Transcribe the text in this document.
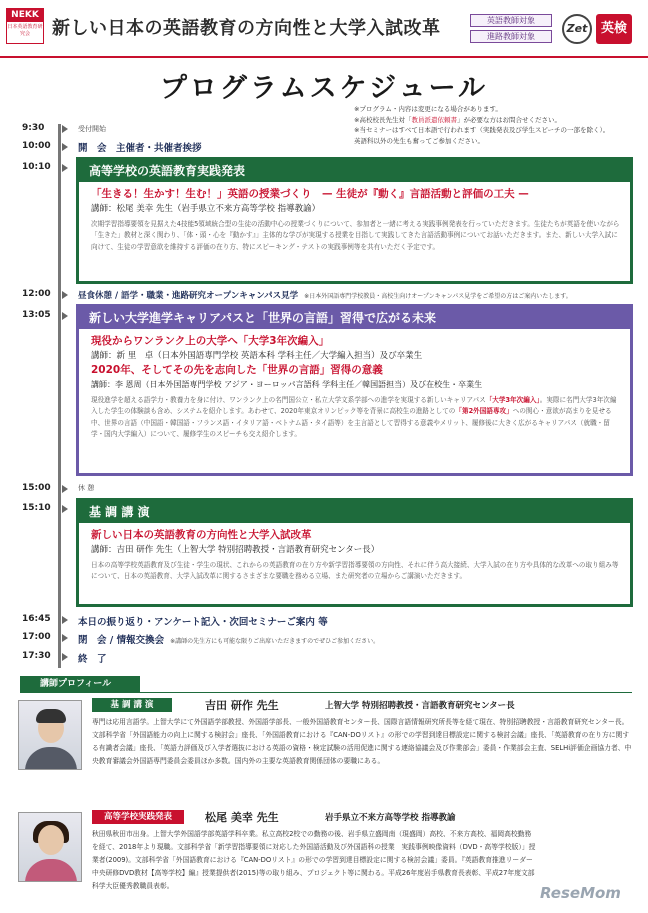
NEKK
日本英語教育研究会	新しい日本の英語教育の方向性と大学入試改革	英語教師対象
進路教師対象
Zet	英検
プログラムスケジュール
※プログラム・内容は変更になる場合があります。
※高校校長先生対「教員派遣依頼書」が必要な方はお問合せください。
※当セミナーはすべて日本語で行われます（実践発表及び学生スピーチの一部を除く）。
英語科以外の先生も奮ってご参加ください。
9:30	受付開始
10:00	開　会　主催者・共催者挨拶
10:10	高等学校の英語教育実践発表
「生きる！生かす！生む！」英語の授業づくり　— 生徒が『動く』言語活動と評価の工夫 —
講師：松尾 美幸 先生（岩手県立不来方高等学校 指導教諭）
次期学習指導要領を見据えた4技能5領域統合型の生徒の活動中心の授業づくりについて、参加者と一緒に考える実践事例発表を行っていただきます。生徒たちが英語を使いながら「生きた」教材と深く関わり、「体・頭・心を『動かす』」主体的な学びが実現する授業を目指して実践してきた言語活動事例についてお話いただきます。また、新しい大学入試に向けて、生徒の学習意欲を維持する評価の在り方、特にスピーキング・テストの実践事例等を共有いただく予定です。
12:00	昼食休憩 / 語学・職業・進路研究オープンキャンパス見学 ※日本外国語専門学校教員・高校生向けオープンキャンパス見学をご希望の方はご案内いたします。
13:05	新しい大学進学キャリアパスと「世界の言語」習得で広がる未来
現役からワンランク上の大学へ「大学3年次編入」
講師：新 里　卓（日本外国語専門学校 英語本科 学科主任／大学編入担当）及び卒業生
2020年、そしてその先を志向した「世界の言語」習得の意義
講師：李 恩周（日本外国語専門学校 アジア・ヨーロッパ言語科 学科主任／韓国語担当）及び在校生・卒業生
現役進学を超える語学力・教養力を身に付け、ワンランク上の名門国公立・私立大学文系学部への進学を実現する新しいキャリアパス「大学3年次編入」。実際に名門大学3年次編入した学生の体験談も含め、システムを紹介します。あわせて、2020年東京オリンピック等を背景に高校生の進路としての「第2外国語専攻」への関心・意欲が高まりを見せる中、世界の言語（中国語・韓国語・フランス語・イタリア語・ベトナム語・タイ語等）を主言語として習得する意義やメリット、履修後に大きく広がるキャリアパス（就職・留学・国内大学編入）について、履修学生のスピーチも交え紹介します。
15:00	休 憩
15:10	基 調 講 演
新しい日本の英語教育の方向性と大学入試改革
講師：吉田 研作 先生（上智大学 特別招聘教授・言語教育研究センター長）
日本の高等学校英語教育及び生徒・学生の現状、これからの英語教育の在り方や新学習指導要領の方向性、それに伴う高大接続、大学入試の在り方や具体的な改革への取り組み等について、日本の英語教育、大学入試改革に関するさまざまな要職を務める立場、また研究者の立場からご講演いただきます。
16:45	本日の振り返り・アンケート記入・次回セミナーご案内 等
17:00	閉　会 / 情報交換会 ※講師の先生方にも可能な限りご出席いただきますのでぜひご参加ください。
17:30	終　了
講師プロフィール
基 調 講 演	吉田 研作 先生	上智大学 特別招聘教授・言語教育研究センター長
専門は応用言語学。上智大学にて外国語学部教授、外国語学部長、一般外国語教育センター長、国際言語情報研究所長等を経て現在、特別招聘教授・言語教育研究センター長。文部科学省「外国語能力の向上に関する検討会」座長、「外国語教育における『CAN-DOリスト』の形での学習到達目標設定に関する検討会議」座長、「英語教育の在り方に関する有識者会議」座長、「英語力評価及び入学者選抜における英語の資格・検定試験の活用促進に関する連絡協議会及び作業部会」委員・作業部会主査、SELHi評価企画協力者、中央教育審議会外国語専門委員会委員ほか多数。国内外の主要な英語教育関係団体の要職にある。
高等学校実践発表	松尾 美幸 先生	岩手県立不来方高等学校 指導教諭
秋田県秋田市出身。上智大学外国語学部英語学科卒業。私立高校2校での勤務の後、岩手県立盛岡南（現盛岡）高校、不来方高校、福岡高校勤務を経て、2018年より現職。文部科学省「新学習指導要領に対応した外国語活動及び外国語科の授業　実践事例映像資料（DVD・高等学校版）」授業者(2009)。文部科学省「外国語教育における『CAN-DOリスト』の形での学習到達目標設定に関する検討会議」委員。『英語教育推進リーダー中央研修DVD教材【高等学校】編』授業提供者(2015)等の取り組み、プロジェクト等に関わる。平成26年度岩手県教育長表彰、平成27年度文部科学大臣優秀教職員表彰。	ReseMom
